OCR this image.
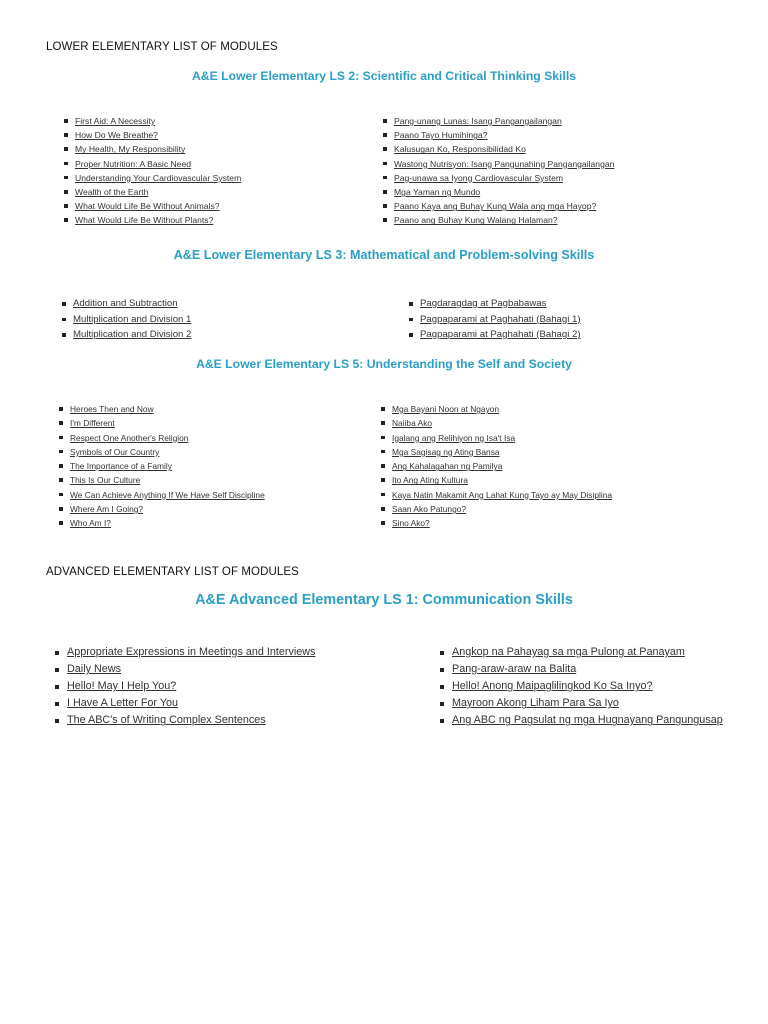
LOWER ELEMENTARY LIST OF MODULES
A&E Lower Elementary LS 2: Scientific and Critical Thinking Skills
First Aid: A Necessity
How Do We Breathe?
My Health, My Responsibility
Proper Nutrition: A Basic Need
Understanding Your Cardiovascular System
Wealth of the Earth
What Would Life Be Without Animals?
What Would Life Be Without Plants?
Pang-unang Lunas: Isang Pangangailangan
Paano Tayo Humihinga?
Kalusugan Ko, Responsibilidad Ko
Wastong Nutrisyon: Isang Pangunahing Pangangailangan
Pag-unawa sa Iyong Cardiovascular System
Mga Yaman ng Mundo
Paano Kaya ang Buhay Kung Wala ang mga Hayop?
Paano ang Buhay Kung Walang Halaman?
A&E Lower Elementary LS 3: Mathematical and Problem-solving Skills
Addition and Subtraction
Multiplication and Division 1
Multiplication and Division 2
Pagdaragdag at Pagbabawas
Pagpaparami at Paghahati (Bahagi 1)
Pagpaparami at Paghahati (Bahagi 2)
A&E Lower Elementary LS 5: Understanding the Self and Society
Heroes Then and Now
I'm Different
Respect One Another's Religion
Symbols of Our Country
The Importance of a Family
This Is Our Culture
We Can Achieve Anything If We Have Self Discipline
Where Am I Going?
Who Am I?
Mga Bayani Noon at Ngayon
Naiiba Ako
Igalang ang Relihiyon ng Isa't Isa
Mga Sagisag ng Ating Bansa
Ang Kahalagahan ng Pamilya
Ito Ang Ating Kultura
Kaya Natin Makamit Ang Lahat Kung Tayo ay May Disiplina
Saan Ako Patungo?
Sino Ako?
ADVANCED ELEMENTARY LIST OF MODULES
A&E Advanced Elementary LS 1: Communication Skills
Appropriate Expressions in Meetings and Interviews
Daily News
Hello! May I Help You?
I Have A Letter For You
The ABC's of Writing Complex Sentences
Angkop na Pahayag sa mga Pulong at Panayam
Pang-araw-araw na Balita
Hello! Anong Maipaglilingkod Ko Sa Inyo?
Mayroon Akong Liham Para Sa Iyo
Ang ABC ng Pagsulat ng mga Hugnayang Pangungusap
